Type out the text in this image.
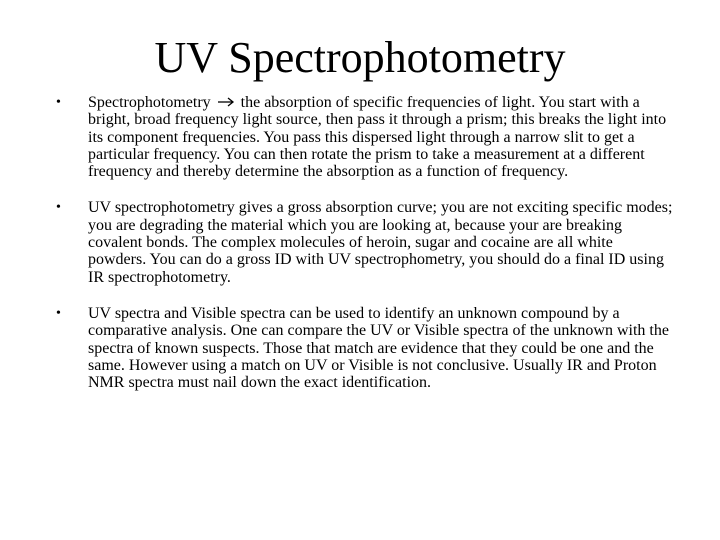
UV Spectrophotometry
• Spectrophotometry the absorption of specific frequencies of light. You start with a bright, broad frequency light source, then pass it through a prism; this breaks the light into its component frequencies. You pass this dispersed light through a narrow slit to get a particular frequency. You can then rotate the prism to take a measurement at a different frequency and thereby determine the absorption as a function of frequency.
• UV spectrophotometry gives a gross absorption curve; you are not exciting specific modes; you are degrading the material which you are looking at, because your are breaking covalent bonds. The complex molecules of heroin, sugar and cocaine are all white powders. You can do a gross ID with UV spectrophometry, you should do a final ID using IR spectrophotometry.
• UV spectra and Visible spectra can be used to identify an unknown compound by a comparative analysis. One can compare the UV or Visible spectra of the unknown with the spectra of known suspects. Those that match are evidence that they could be one and the same. However using a match on UV or Visible is not conclusive. Usually IR and Proton NMR spectra must nail down the exact identification.
